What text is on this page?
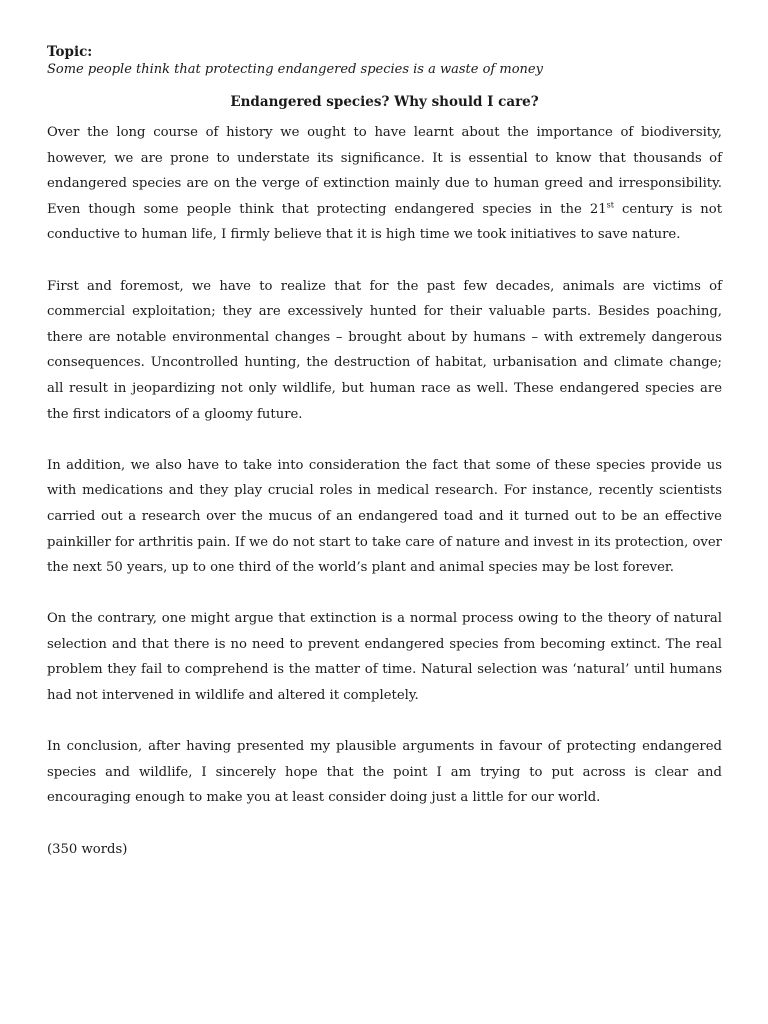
Topic:

Some people think that protecting endangered species is a waste of money

Endangered species? Why should I care?

Over the long course of history we ought to have learnt about the importance of biodiversity, however, we are prone to understate its significance. It is essential to know that thousands of endangered species are on the verge of extinction mainly due to human greed and irresponsibility. Even though some people think that protecting endangered species in the 21st century is not conductive to human life, I firmly believe that it is high time we took initiatives to save nature.

First and foremost, we have to realize that for the past few decades, animals are victims of commercial exploitation; they are excessively hunted for their valuable parts. Besides poaching, there are notable environmental changes – brought about by humans – with extremely dangerous consequences. Uncontrolled hunting, the destruction of habitat, urbanisation and climate change; all result in jeopardizing not only wildlife, but human race as well. These endangered species are the first indicators of a gloomy future.

In addition, we also have to take into consideration the fact that some of these species provide us with medications and they play crucial roles in medical research. For instance, recently scientists carried out a research over the mucus of an endangered toad and it turned out to be an effective painkiller for arthritis pain. If we do not start to take care of nature and invest in its protection, over the next 50 years, up to one third of the world’s plant and animal species may be lost forever.

On the contrary, one might argue that extinction is a normal process owing to the theory of natural selection and that there is no need to prevent endangered species from becoming extinct. The real problem they fail to comprehend is the matter of time. Natural selection was ‘natural’ until humans had not intervened in wildlife and altered it completely.

In conclusion, after having presented my plausible arguments in favour of protecting endangered species and wildlife, I sincerely hope that the point I am trying to put across is clear and encouraging enough to make you at least consider doing just a little for our world.

(350 words)
